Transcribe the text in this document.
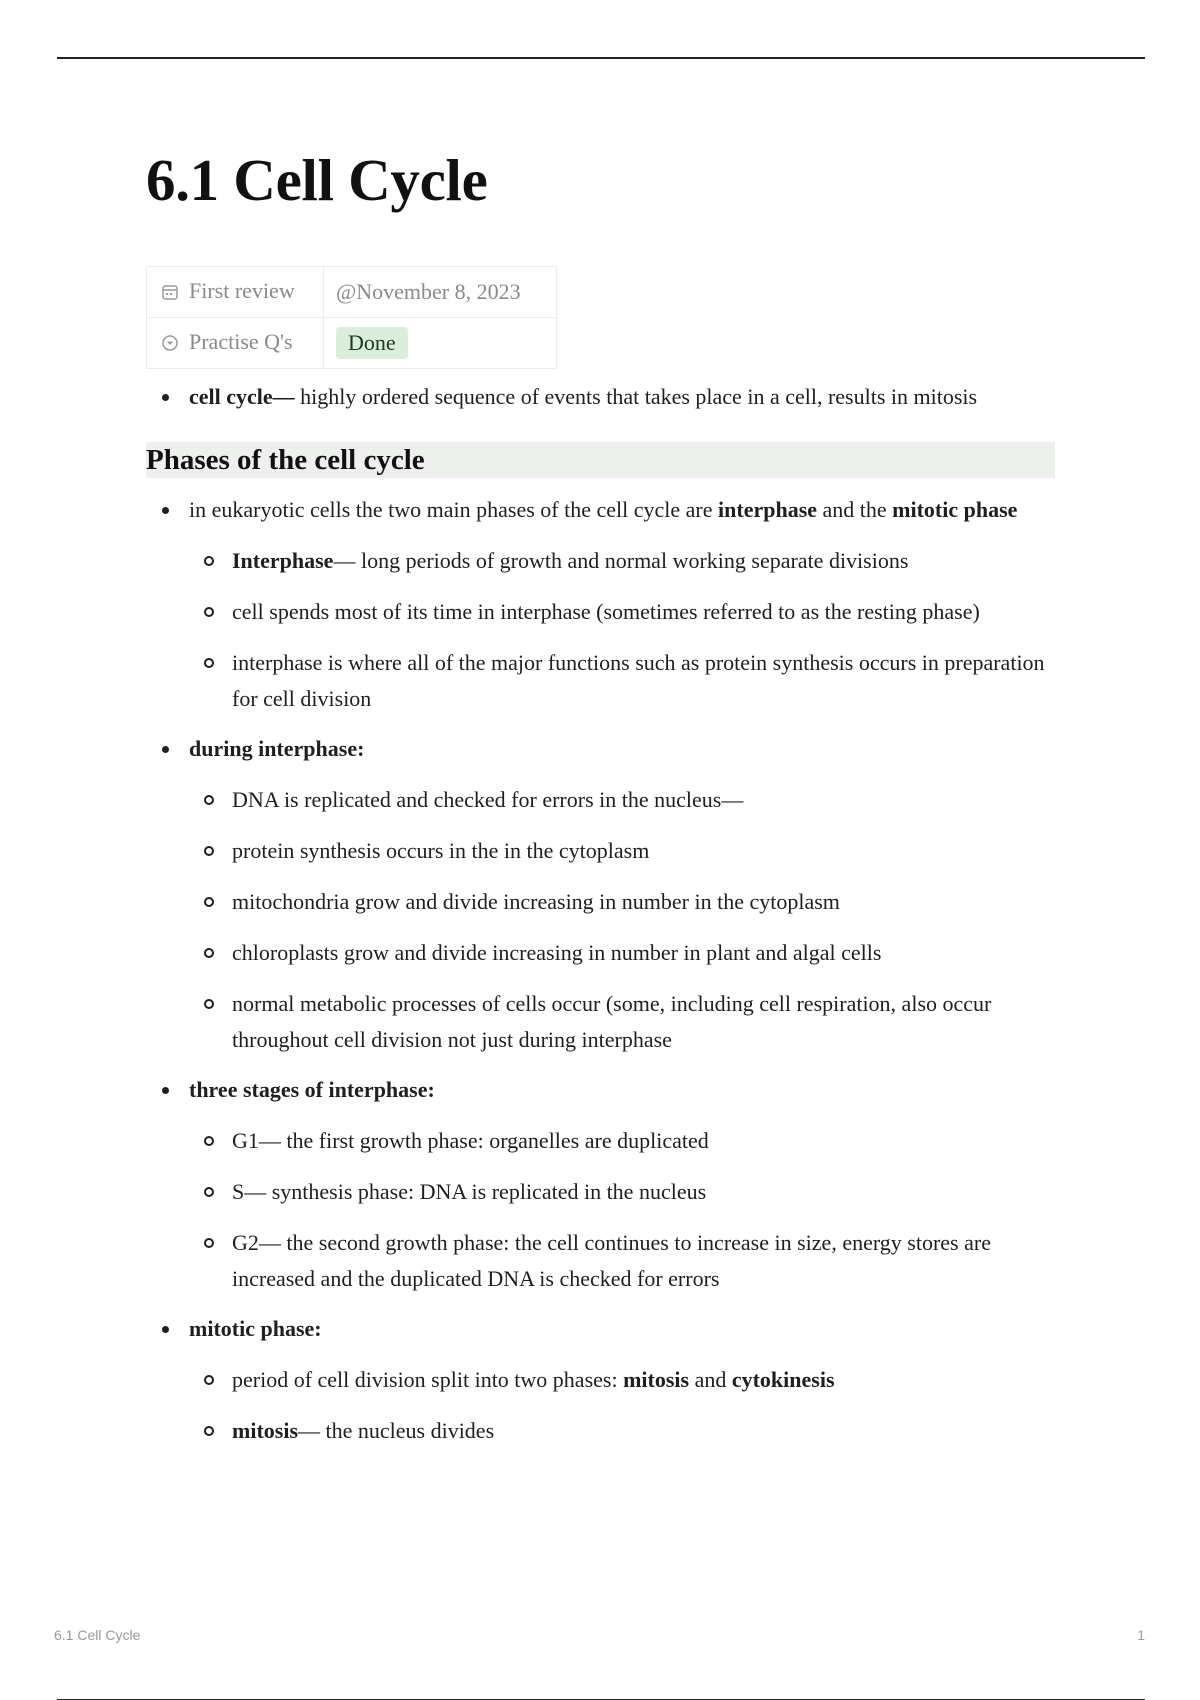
6.1 Cell Cycle
First review	@November 8, 2023
Practise Q's	Done
cell cycle— highly ordered sequence of events that takes place in a cell, results in mitosis
Phases of the cell cycle
in eukaryotic cells the two main phases of the cell cycle are interphase and the mitotic phase
Interphase— long periods of growth and normal working separate divisions
cell spends most of its time in interphase (sometimes referred to as the resting phase)
interphase is where all of the major functions such as protein synthesis occurs in preparation for cell division
during interphase:
DNA is replicated and checked for errors in the nucleus—
protein synthesis occurs in the in the cytoplasm
mitochondria grow and divide increasing in number in the cytoplasm
chloroplasts grow and divide increasing in number in plant and algal cells
normal metabolic processes of cells occur (some, including cell respiration, also occur throughout cell division not just during interphase
three stages of interphase:
G1— the first growth phase: organelles are duplicated
S— synthesis phase: DNA is replicated in the nucleus
G2— the second growth phase: the cell continues to increase in size, energy stores are increased and the duplicated DNA is checked for errors
mitotic phase:
period of cell division split into two phases: mitosis and cytokinesis
mitosis— the nucleus divides
6.1 Cell Cycle	1
